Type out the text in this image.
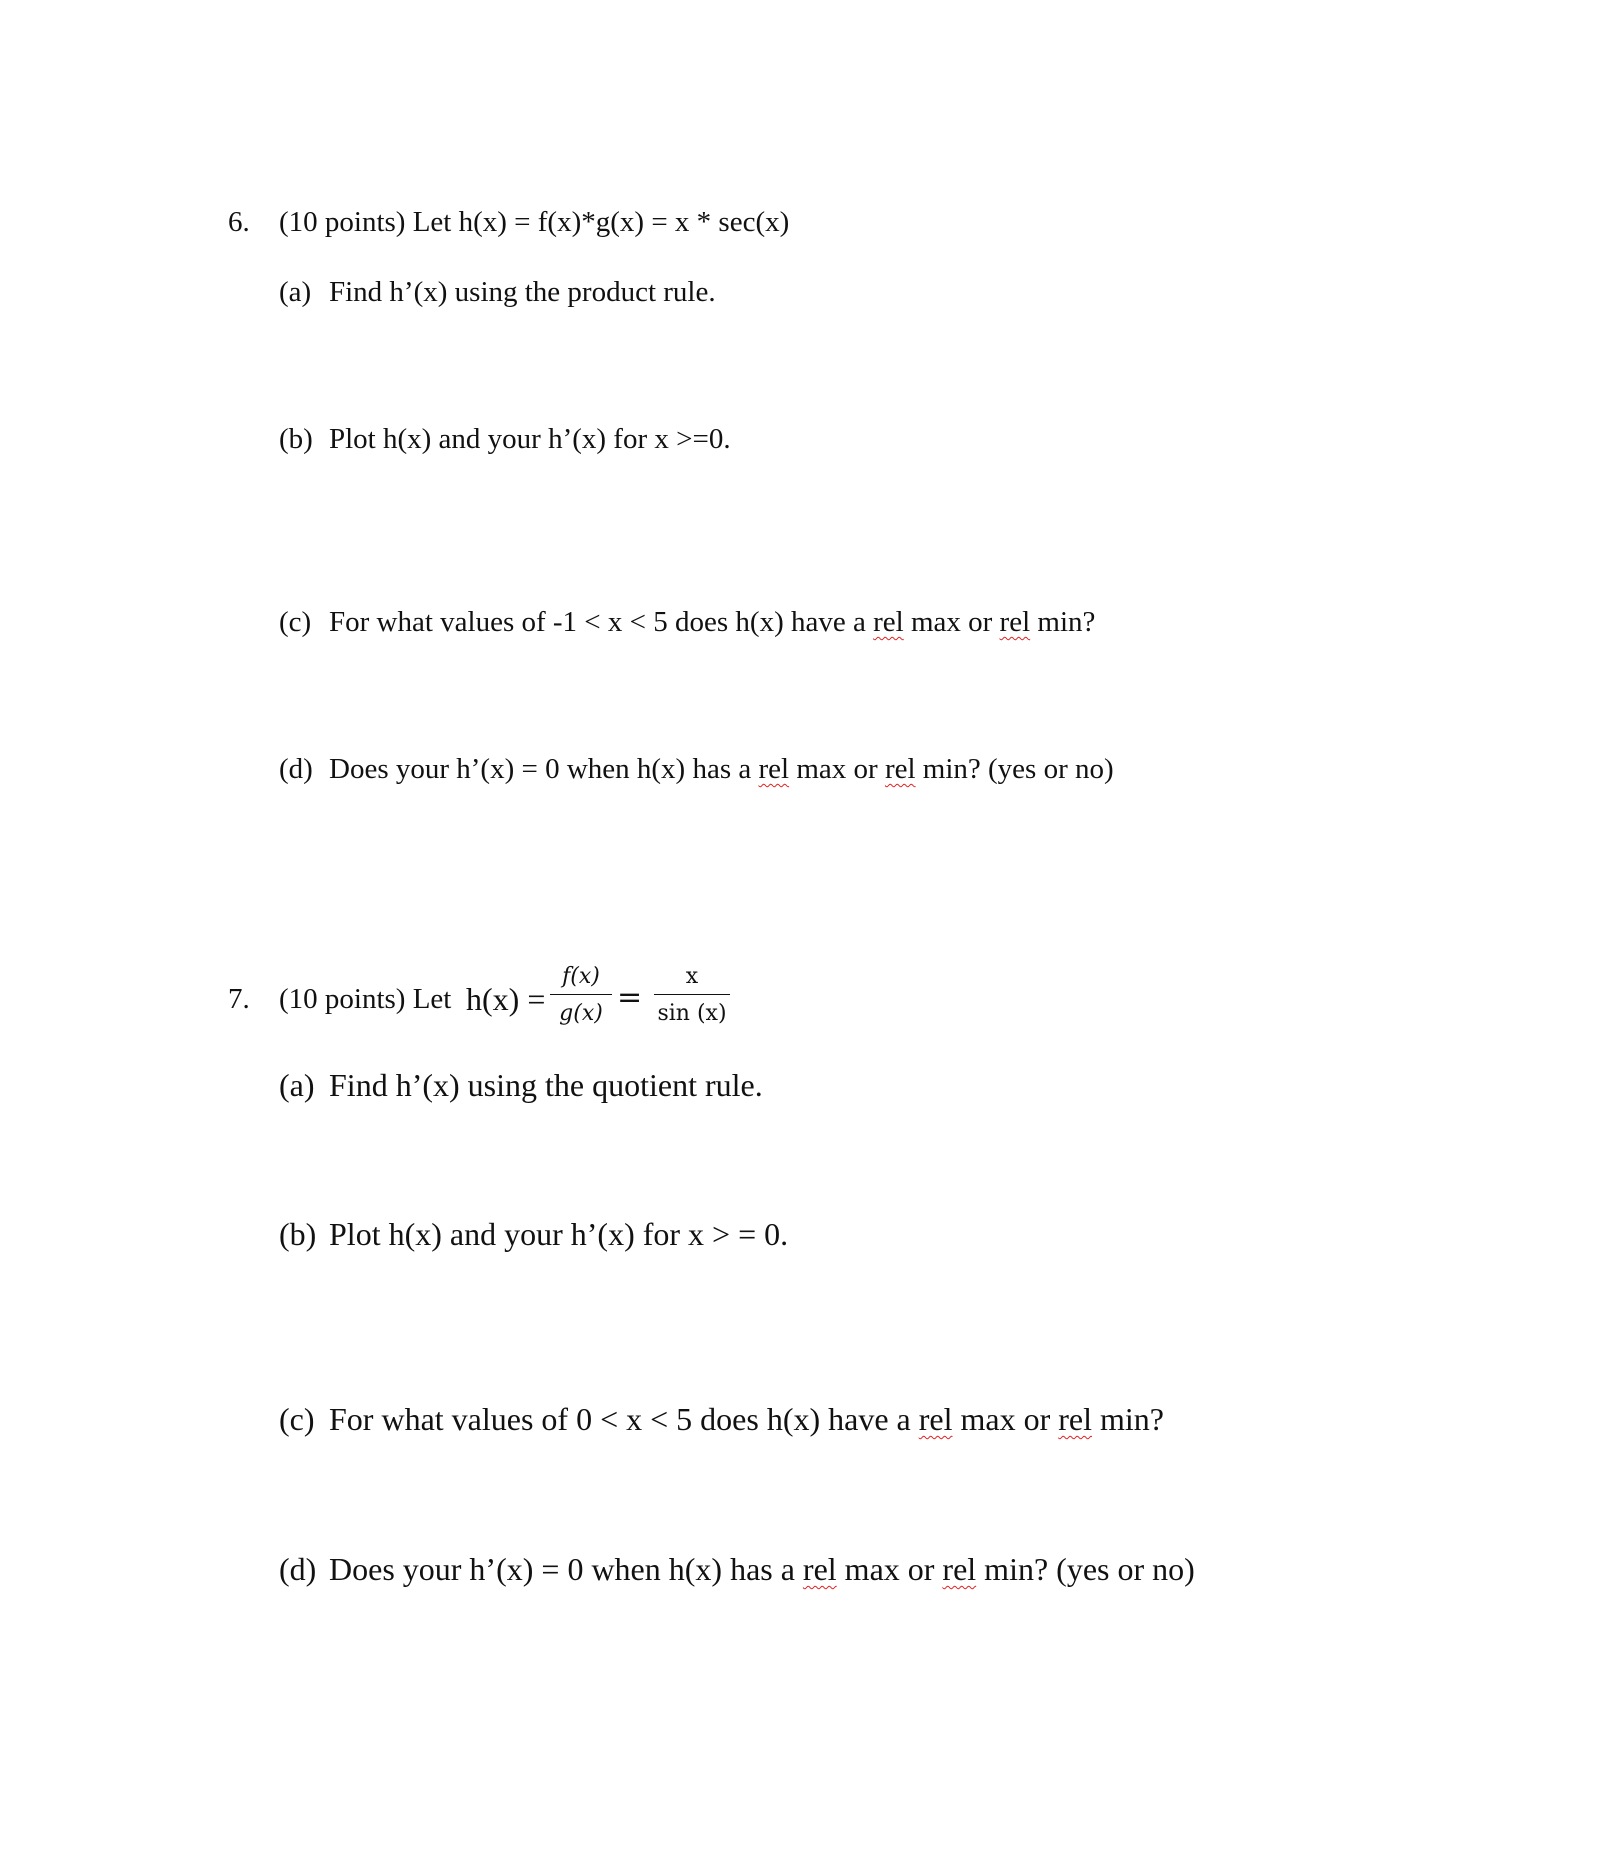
6. (10 points) Let h(x) = f(x)*g(x) = x * sec(x)
(a) Find h’(x) using the product rule.
(b) Plot h(x) and your h’(x) for x >=0.
(c) For what values of -1 < x < 5 does h(x) have a rel max or rel min?
(d) Does your h’(x) = 0 when h(x) has a rel max or rel min? (yes or no)
7. (10 points) Let h(x) =
f(x)
g(x) =
x
sin (x)
(a) Find h’(x) using the quotient rule.
(b) Plot h(x) and your h’(x) for x > = 0.
(c) For what values of 0 < x < 5 does h(x) have a rel max or rel min?
(d) Does your h’(x) = 0 when h(x) has a rel max or rel min? (yes or no)
